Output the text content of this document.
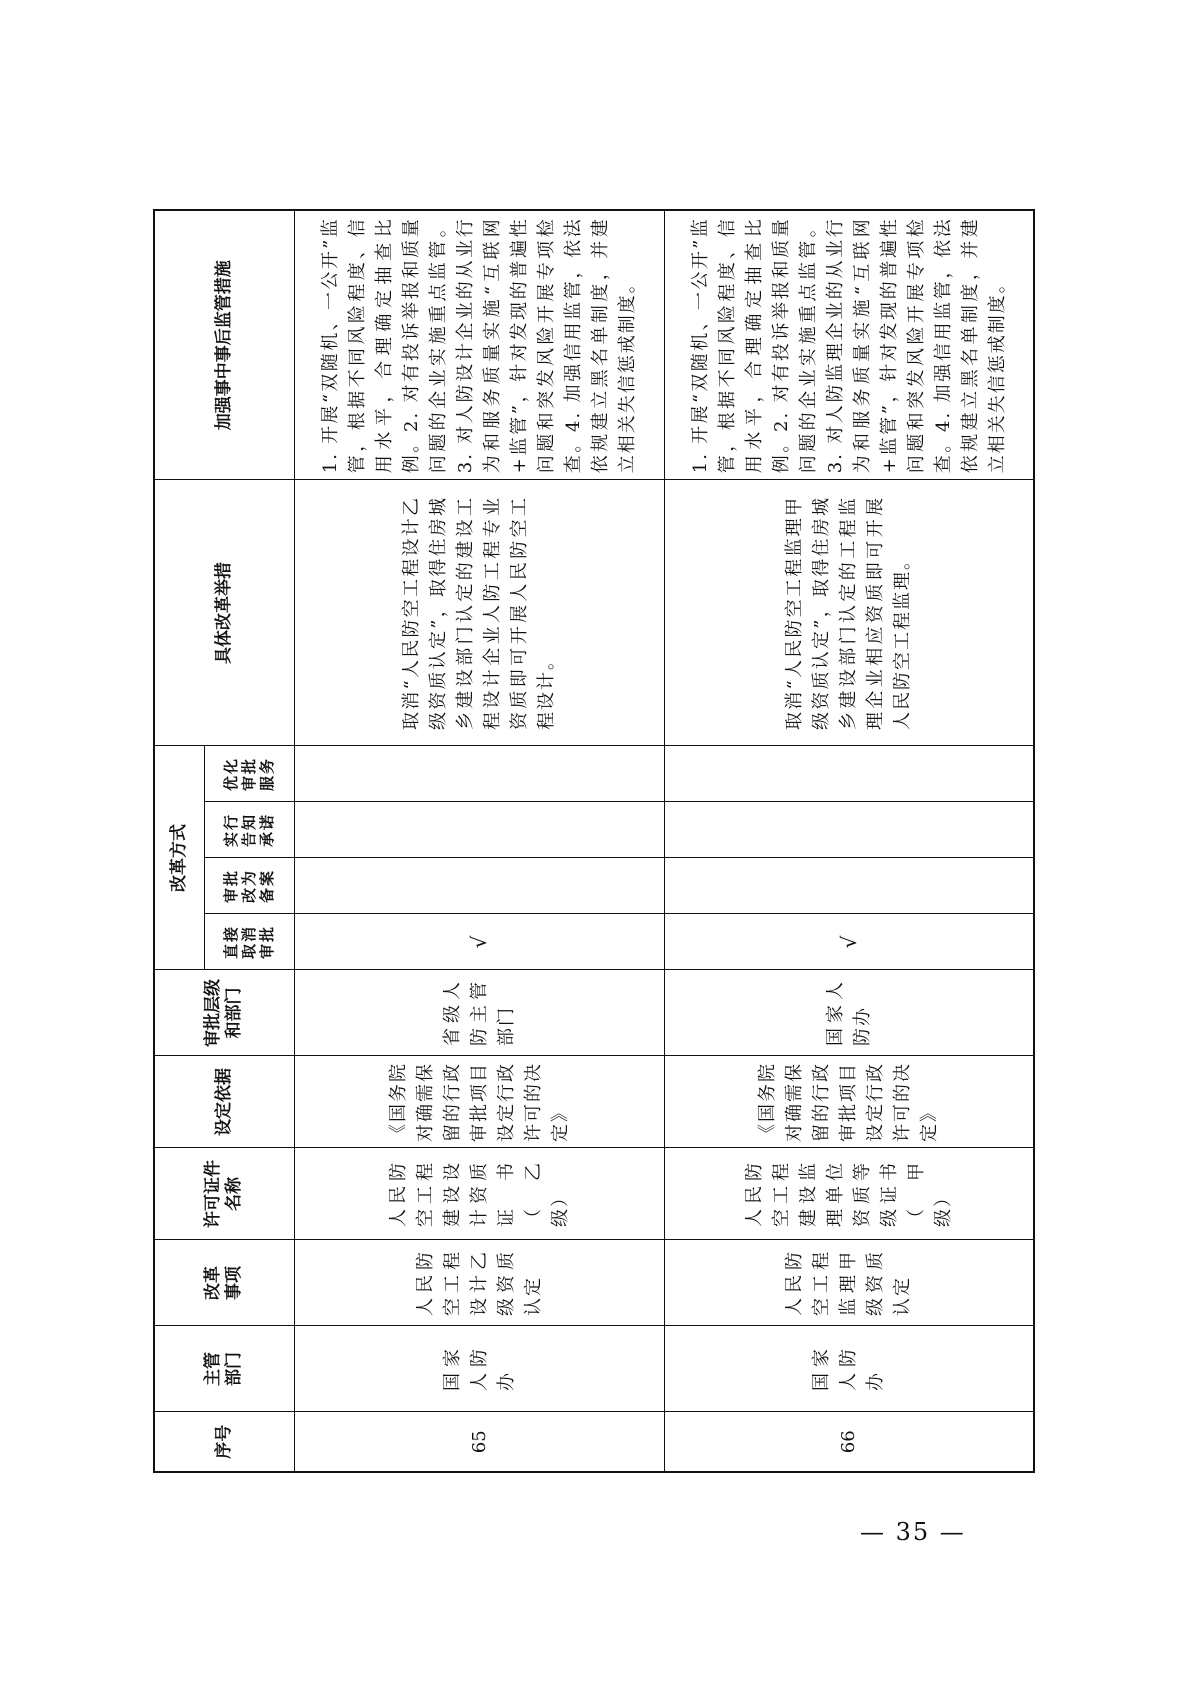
序号	主管部门	改革事项	许可证件名称	设定依据	审批层级和部门	改革方式				具体改革举措	加强事中事后监管措施

						直接取消审批	审批改为备案	实行告知承诺	优化审批服务		

65	国家人防办	人民防空工程设计乙级资质认定	人民防空工程建设设计资质证书（乙级）	《国务院对确需保留的行政审批项目设定行政许可的决定》	省级人防主管部门	√				取消“人民防空工程设计乙级资质认定”，取得住房城乡建设部门认定的建设工程设计企业人防工程专业资质即可开展人民防空工程设计。	1. 开展“双随机、一公开”监管，根据不同风险程度、信用水平，合理确定抽查比例。2. 对有投诉举报和质量问题的企业实施重点监管。3. 对人防设计企业的从业行为和服务质量实施“互联网+监管”，针对发现的普遍性问题和突发风险开展专项检查。4. 加强信用监管，依法依规建立黑名单制度，并建立相关失信惩戒制度。

66	国家人防办	人民防空工程监理甲级资质认定	人民防空工程建设监理单位资质等级证书（甲级）	《国务院对确需保留的行政审批项目设定行政许可的决定》	国家人防办	√				取消“人民防空工程监理甲级资质认定”，取得住房城乡建设部门认定的工程监理企业相应资质即可开展人民防空工程监理。	1. 开展“双随机、一公开”监管，根据不同风险程度、信用水平，合理确定抽查比例。2. 对有投诉举报和质量问题的企业实施重点监管。3. 对人防监理企业的从业行为和服务质量实施“互联网+监管”，针对发现的普遍性问题和突发风险开展专项检查。4. 加强信用监管，依法依规建立黑名单制度，并建立相关失信惩戒制度。
— 35 —
